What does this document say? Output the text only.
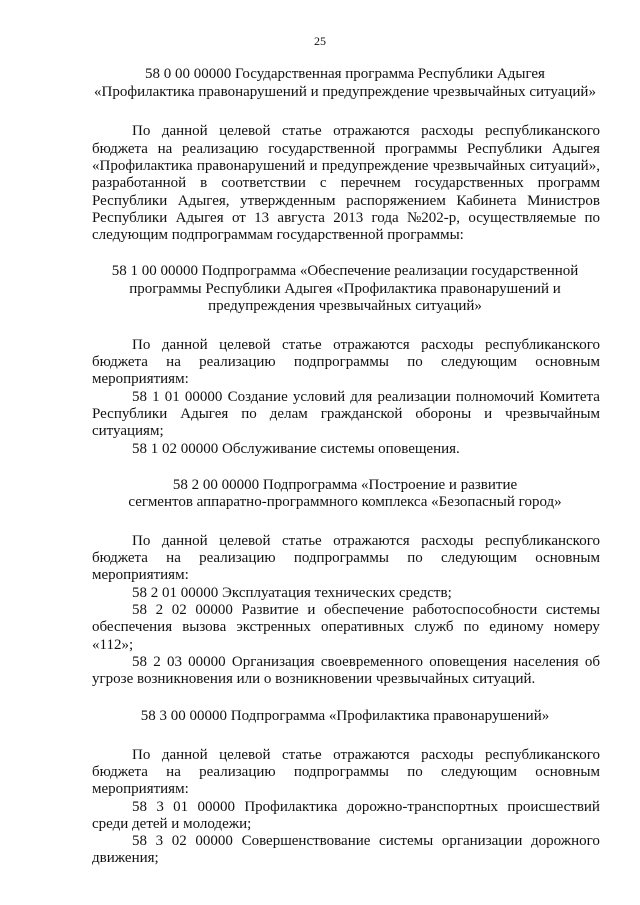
25
58 0 00 00000 Государственная программа Республики Адыгея
«Профилактика правонарушений и предупреждение чрезвычайных ситуаций»
По данной целевой статье отражаются расходы республиканского
бюджета на реализацию государственной программы Республики Адыгея
«Профилактика правонарушений и предупреждение чрезвычайных ситуаций»,
разработанной в соответствии с перечнем государственных программ
Республики Адыгея, утвержденным распоряжением Кабинета Министров
Республики Адыгея от 13 августа 2013 года №202-р, осуществляемые по
следующим подпрограммам государственной программы:
58 1 00 00000 Подпрограмма «Обеспечение реализации государственной
программы Республики Адыгея «Профилактика правонарушений и
предупреждения чрезвычайных ситуаций»
По данной целевой статье отражаются расходы республиканского
бюджета на реализацию подпрограммы по следующим основным
мероприятиям:
58 1 01 00000 Создание условий для реализации полномочий Комитета
Республики Адыгея по делам гражданской обороны и чрезвычайным
ситуациям;
58 1 02 00000 Обслуживание системы оповещения.
58 2 00 00000 Подпрограмма «Построение и развитие
сегментов аппаратно-программного комплекса «Безопасный город»
По данной целевой статье отражаются расходы республиканского
бюджета на реализацию подпрограммы по следующим основным
мероприятиям:
58 2 01 00000 Эксплуатация технических средств;
58 2 02 00000 Развитие и обеспечение работоспособности системы
обеспечения вызова экстренных оперативных служб по единому номеру
«112»;
58 2 03 00000 Организация своевременного оповещения населения об
угрозе возникновения или о возникновении чрезвычайных ситуаций.
58 3 00 00000 Подпрограмма «Профилактика правонарушений»
По данной целевой статье отражаются расходы республиканского
бюджета на реализацию подпрограммы по следующим основным
мероприятиям:
58 3 01 00000 Профилактика дорожно-транспортных происшествий
среди детей и молодежи;
58 3 02 00000 Совершенствование системы организации дорожного
движения;
